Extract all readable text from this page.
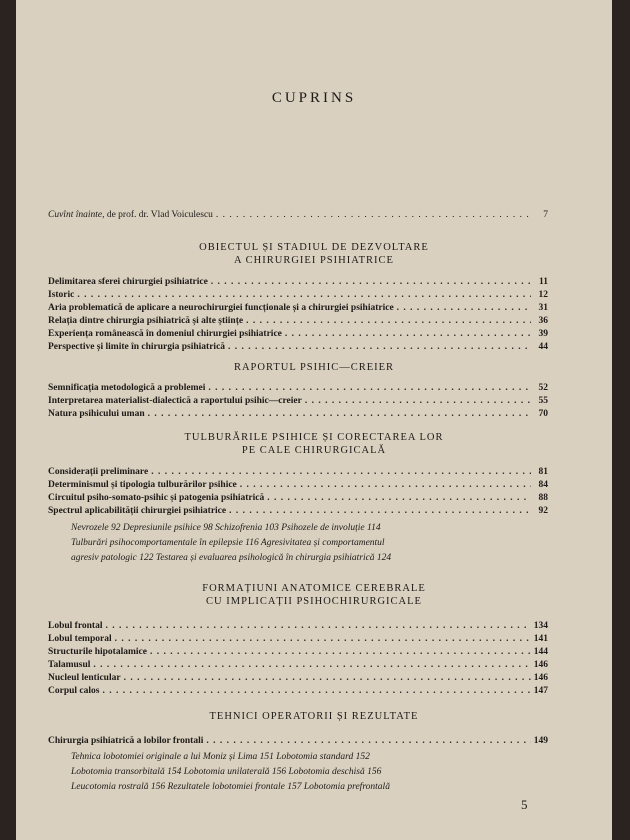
CUPRINS
Cuvînt înainte, de prof. dr. Vlad Voiculescu . . .	7
OBIECTUL ȘI STADIUL DE DEZVOLTARE
A CHIRURGIEI PSIHIATRICE
Delimitarea sferei chirurgiei psihiatrice . . .	11
Istoric . . .	12
Aria problematică de aplicare a neurochirurgiei funcționale și a chirurgiei psihiatrice . . .	31
Relația dintre chirurgia psihiatrică și alte științe . . .	36
Experiența românească în domeniul chirurgiei psihiatrice . . .	39
Perspective și limite în chirurgia psihiatrică . . .	44
RAPORTUL PSIHIC—CREIER
Semnificația metodologică a problemei . . .	52
Interpretarea materialist-dialectică a raportului psihic—creier . . .	55
Natura psihicului uman . . .	70
TULBURĂRILE PSIHICE ȘI CORECTAREA LOR
PE CALE CHIRURGICALĂ
Considerații preliminare . . .	81
Determinismul și tipologia tulburărilor psihice . . .	84
Circuitul psiho-somato-psihic și patogenia psihiatrică . . .	88
Spectrul aplicabilității chirurgiei psihiatrice . . .	92
Nevrozele 92 Depresiunile psihice 98 Schizofrenia 103 Psihozele de involuție 114
Tulburări psihocomportamentale în epilepsie 116 Agresivitatea și comportamentul
agresiv patologic 122 Testarea și evaluarea psihologică în chirurgia psihiatrică 124
FORMAȚIUNI ANATOMICE CEREBRALE
CU IMPLICAȚII PSIHOCHIRURGICALE
Lobul frontal . . .	134
Lobul temporal . . .	141
Structurile hipotalamice . . .	144
Talamusul . . .	146
Nucleul lenticular . . .	146
Corpul calos . . .	147
TEHNICI OPERATORII ȘI REZULTATE
Chirurgia psihiatrică a lobilor frontali . . .	149
Tehnica lobotomiei originale a lui Moniz și Lima 151 Lobotomia standard 152
Lobotomia transorbitală 154 Lobotomia unilaterală 156 Lobotomia deschisă 156
Leucotomia rostrală 156 Rezultatele lobotomiei frontale 157 Lobotomia prefrontală
5
